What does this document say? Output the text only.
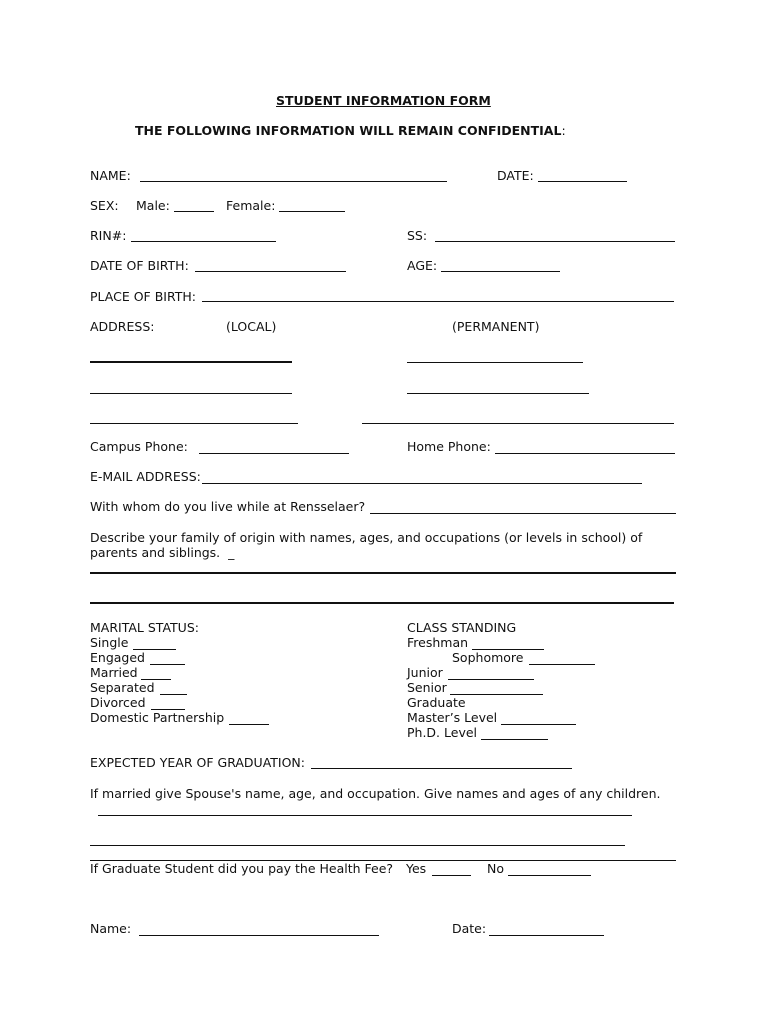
STUDENT INFORMATION FORM
THE FOLLOWING INFORMATION WILL REMAIN CONFIDENTIAL:
NAME:	DATE:
SEX: Male:	Female:
RIN#:	SS:
DATE OF BIRTH:	AGE:
PLACE OF BIRTH:
ADDRESS:	(LOCAL)	(PERMANENT)
Campus Phone:	Home Phone:
E-MAIL ADDRESS:
With whom do you live while at Rensselaer?
Describe your family of origin with names, ages, and occupations (or levels in school) of parents and siblings. _
MARITAL STATUS:
Single
Engaged
Married
Separated
Divorced
Domestic Partnership
CLASS STANDING
Freshman
Sophomore
Junior
Senior
Graduate
Master’s Level
Ph.D. Level
EXPECTED YEAR OF GRADUATION:
If married give Spouse's name, age, and occupation. Give names and ages of any children.
If Graduate Student did you pay the Health Fee? Yes	No
Name:	Date:
